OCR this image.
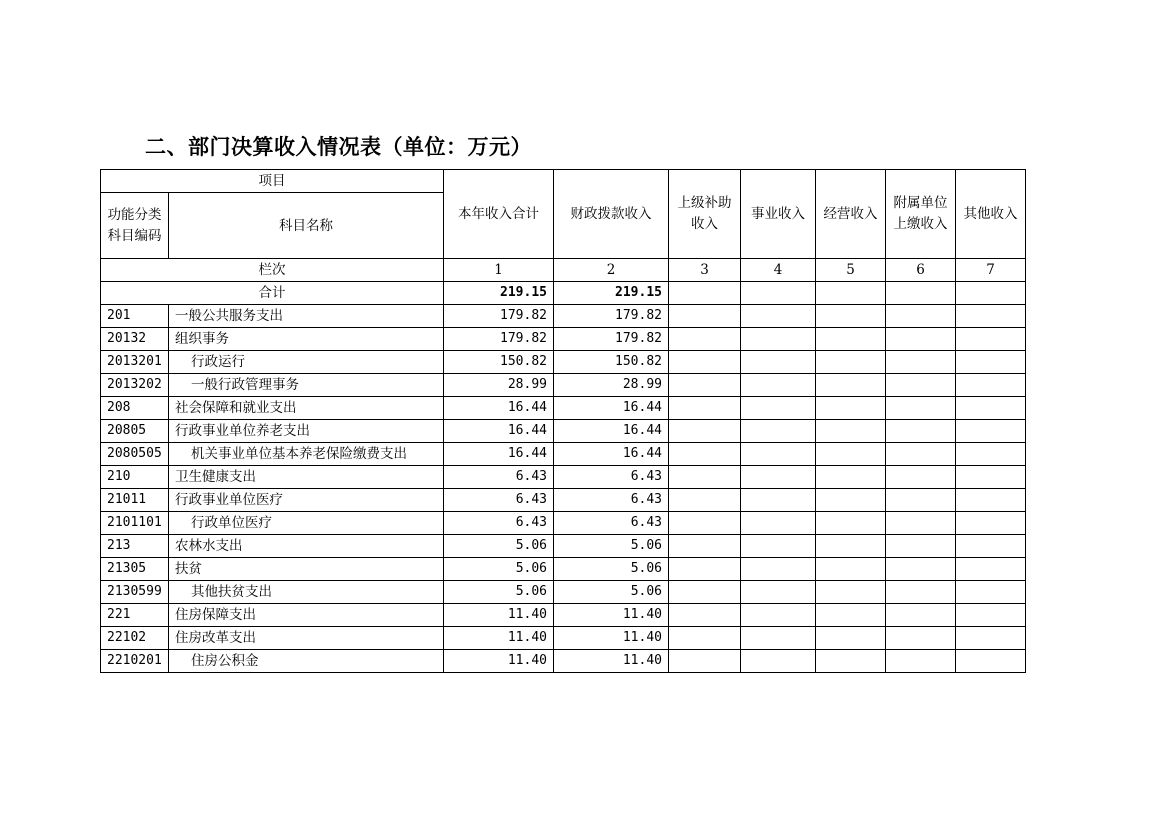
二、部门决算收入情况表（单位：万元）
项目		本年收入合计	财政拨款收入	上级补助收入	事业收入	经营收入	附属单位上缴收入	其他收入
功能分类科目编码	科目名称							
栏次		1	2	3	4	5	6	7
合计		219.15	219.15					
201	一般公共服务支出	179.82	179.82					
20132	组织事务	179.82	179.82					
2013201	行政运行	150.82	150.82					
2013202	一般行政管理事务	28.99	28.99					
208	社会保障和就业支出	16.44	16.44					
20805	行政事业单位养老支出	16.44	16.44					
2080505	机关事业单位基本养老保险缴费支出	16.44	16.44					
210	卫生健康支出	6.43	6.43					
21011	行政事业单位医疗	6.43	6.43					
2101101	行政单位医疗	6.43	6.43					
213	农林水支出	5.06	5.06					
21305	扶贫	5.06	5.06					
2130599	其他扶贫支出	5.06	5.06					
221	住房保障支出	11.40	11.40					
22102	住房改革支出	11.40	11.40					
2210201	住房公积金	11.40	11.40					
